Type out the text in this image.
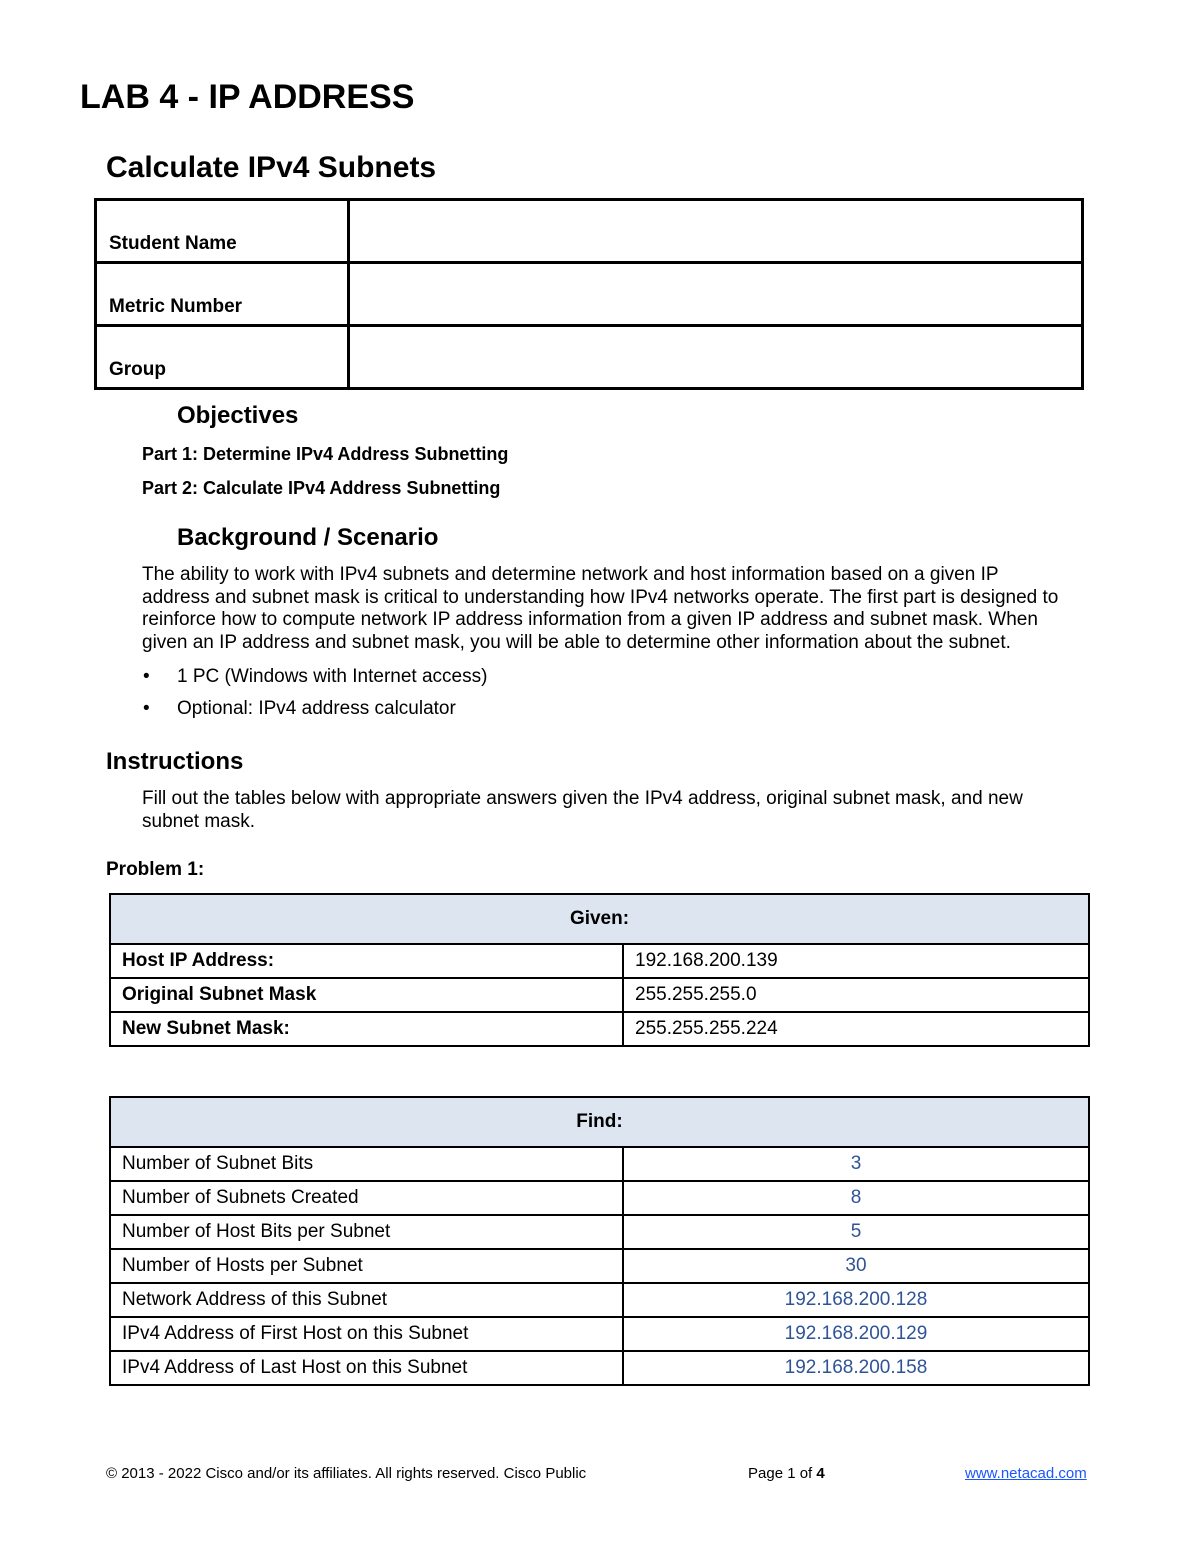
LAB 4 - IP ADDRESS
Calculate IPv4 Subnets
Student Name	
Metric Number	
Group	
Objectives
Part 1: Determine IPv4 Address Subnetting
Part 2: Calculate IPv4 Address Subnetting
Background / Scenario
The ability to work with IPv4 subnets and determine network and host information based on a given IP
address and subnet mask is critical to understanding how IPv4 networks operate. The first part is designed to
reinforce how to compute network IP address information from a given IP address and subnet mask. When
given an IP address and subnet mask, you will be able to determine other information about the subnet.
• 1 PC (Windows with Internet access)
• Optional: IPv4 address calculator
Instructions
Fill out the tables below with appropriate answers given the IPv4 address, original subnet mask, and new
subnet mask.
Problem 1:
Given:	
Host IP Address:	192.168.200.139
Original Subnet Mask	255.255.255.0
New Subnet Mask:	255.255.255.224
Find:	
Number of Subnet Bits	3
Number of Subnets Created	8
Number of Host Bits per Subnet	5
Number of Hosts per Subnet	30
Network Address of this Subnet	192.168.200.128
IPv4 Address of First Host on this Subnet	192.168.200.129
IPv4 Address of Last Host on this Subnet	192.168.200.158
© 2013 - 2022 Cisco and/or its affiliates. All rights reserved. Cisco Public	Page 1 of 4	www.netacad.com
